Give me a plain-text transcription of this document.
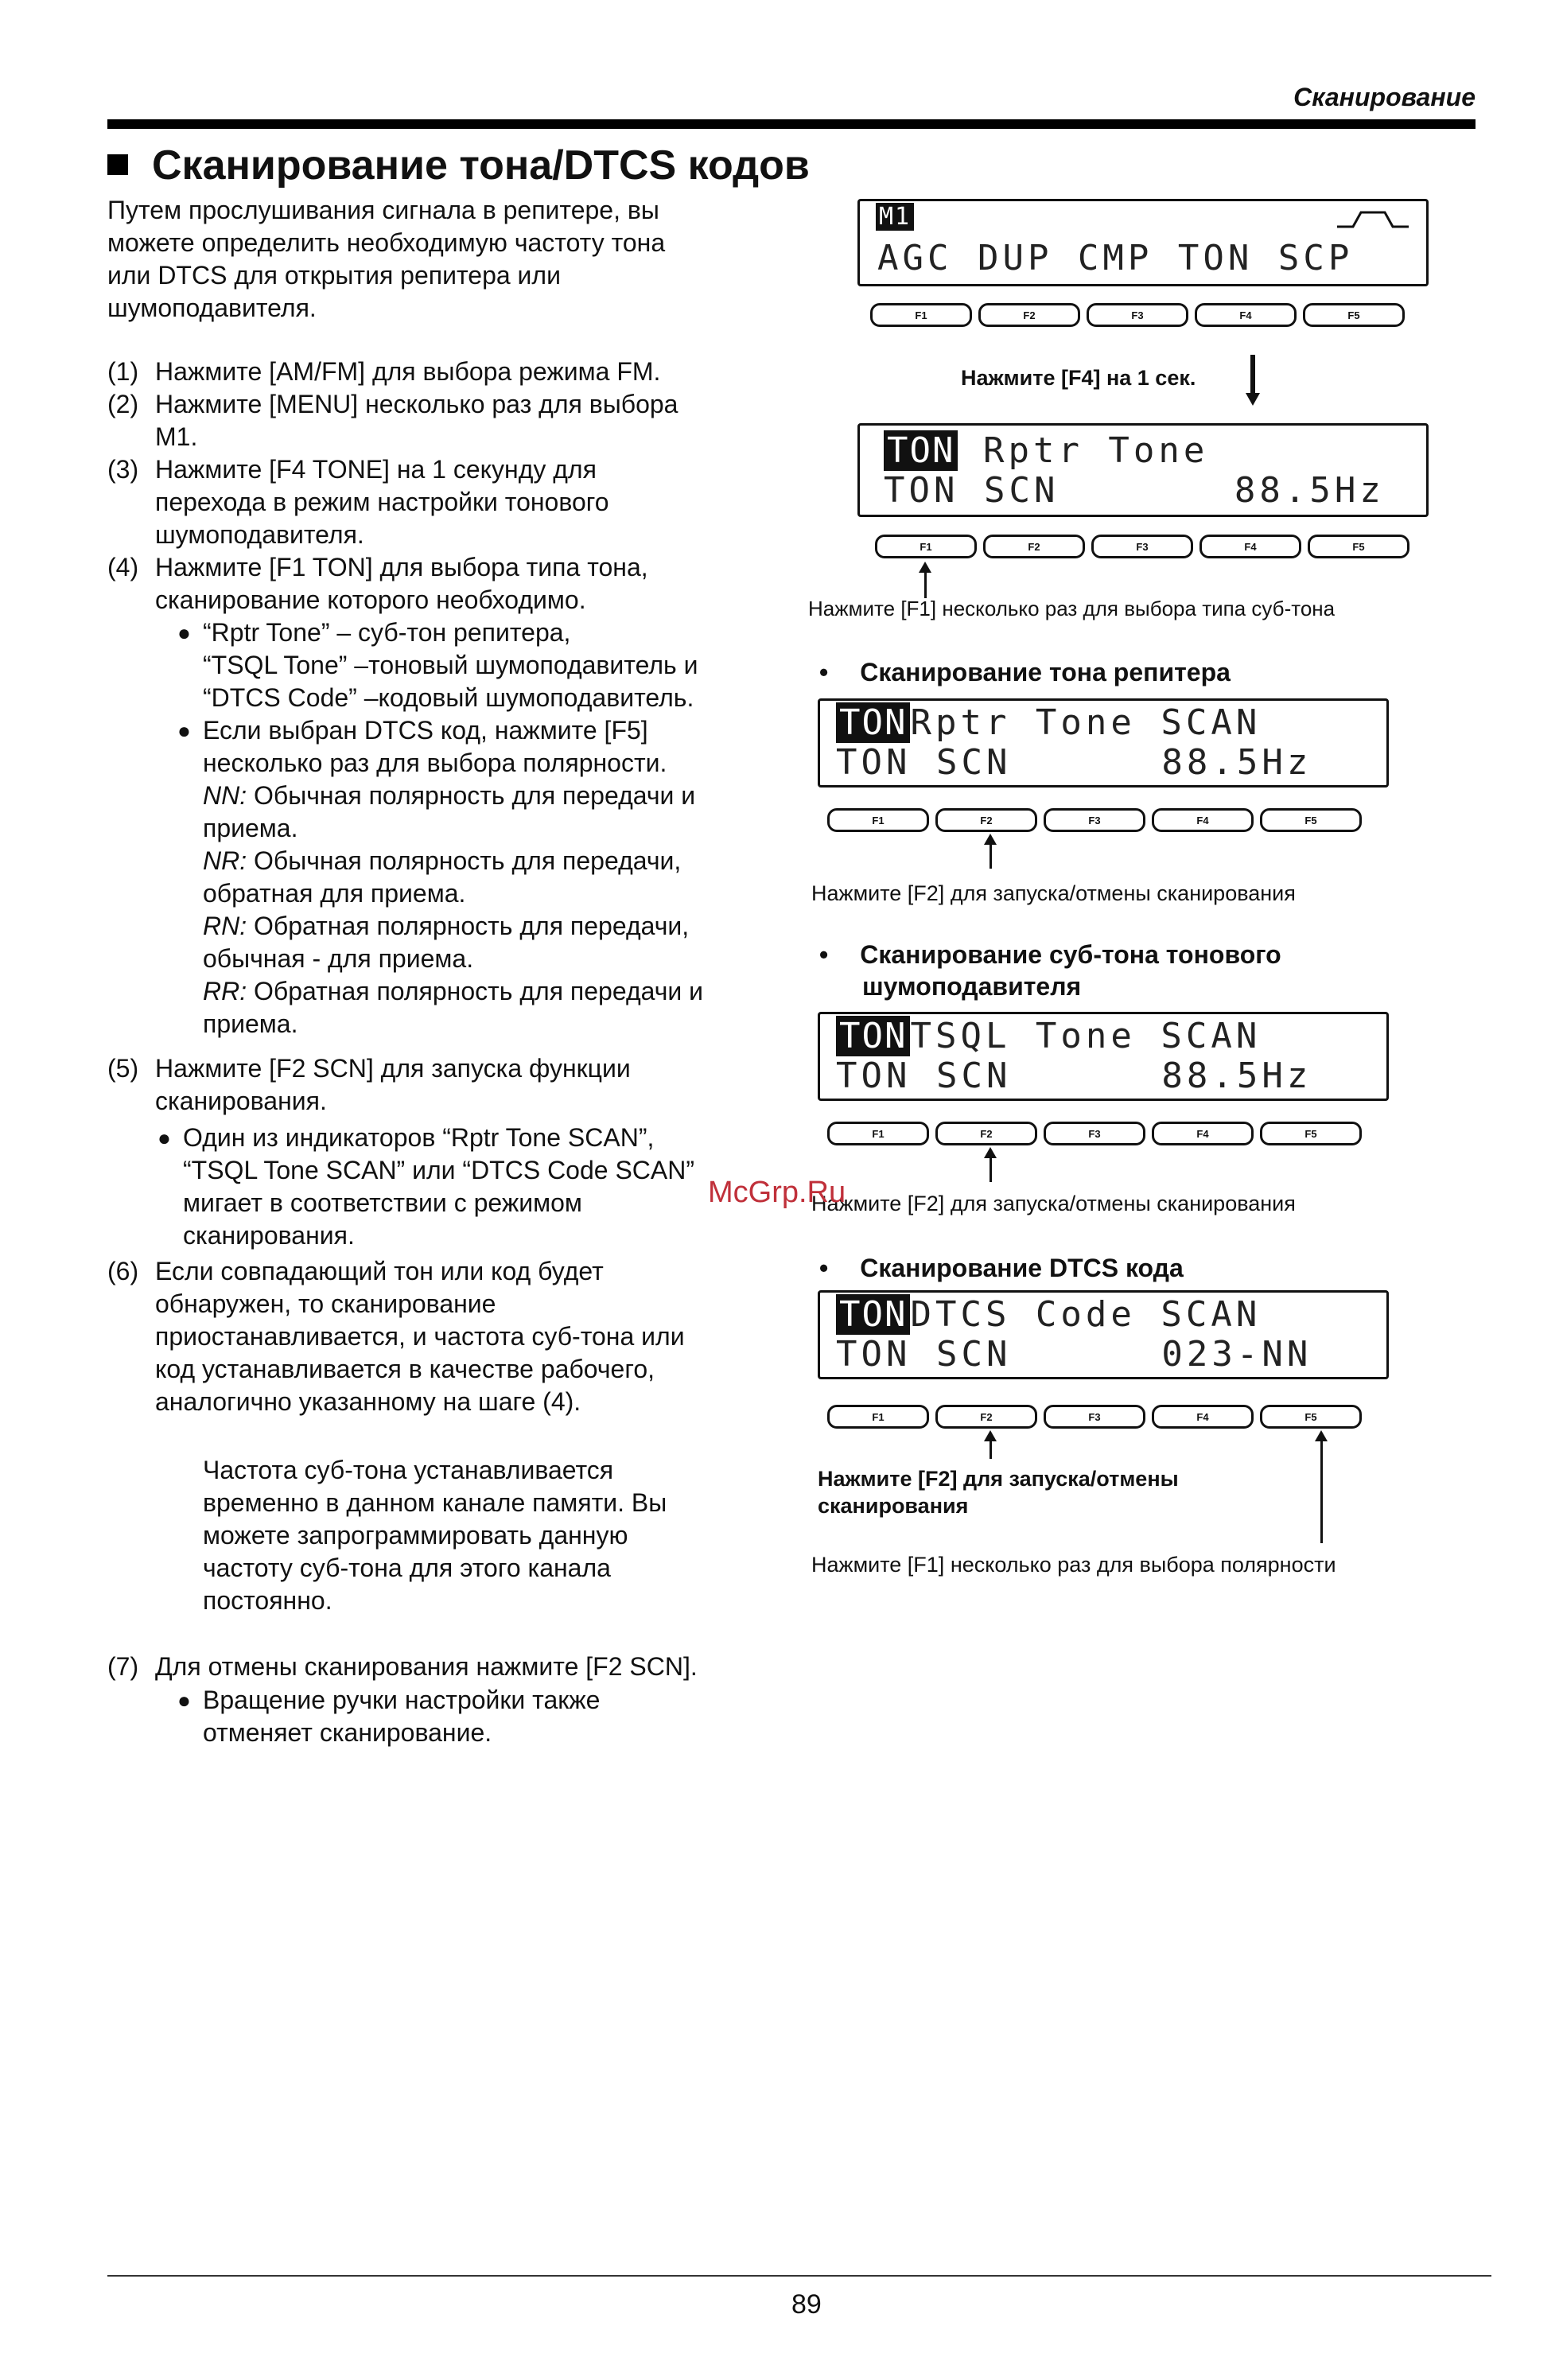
Сканирование
Сканирование тона/DTCS кодов

Путем прослушивания сигнала в репитере, вы

можете определить необходимую частоту тона

или DTCS для открытия репитера или

шумоподавителя.

(1) Нажмите [AM/FM] для выбора режима FM.

(2) Нажмите [MENU] несколько раз для выбора

M1.

(3) Нажмите [F4 TONE] на 1 секунду для

перехода в режим настройки тонового

шумоподавителя.

(4) Нажмите [F1 TON] для выбора типа тона,

сканирование которого необходимо.

● “Rptr Tone” – суб-тон репитера,

“TSQL Tone” –тоновый шумоподавитель и

“DTCS Code” –кодовый шумоподавитель.

● Если выбран DTCS код, нажмите [F5]

несколько раз для выбора полярности.

NN: Обычная полярность для передачи и

приема.

NR: Обычная полярность для передачи,

обратная для приема.

RN: Обратная полярность для передачи,

обычная - для приема.

RR: Обратная полярность для передачи и

приема.

(5) Нажмите [F2 SCN] для запуска функции

сканирования.

● Один из индикаторов “Rptr Tone SCAN”,

“TSQL Tone SCAN” или “DTCS Code SCAN”

мигает в соответствии с режимом

сканирования.

(6) Если совпадающий тон или код будет

обнаружен, то сканирование

приостанавливается, и частота суб-тона или

код устанавливается в качестве рабочего,

аналогично указанному на шаге (4).

Частота суб-тона устанавливается

временно в данном канале памяти. Вы

можете запрограммировать данную

частоту суб-тона для этого канала

постоянно.

(7) Для отмены сканирования нажмите [F2 SCN].

● Вращение ручки настройки также

отменяет сканирование.

M1
AGC DUP CMP TON SCP
F1	F2	F3	F4	F5
Нажмите [F4] на 1 сек.
TON Rptr Tone
TON SCN       88.5Hz
F1	F2	F3	F4	F5
Нажмите [F1] несколько раз для выбора типа суб-тона
• Сканирование тона репитера
TONRptr Tone SCAN
TON SCN      88.5Hz
F1	F2	F3	F4	F5
Нажмите [F2] для запуска/отмены сканирования
• Сканирование суб-тона тонового
шумоподавителя
TONTSQL Tone SCAN
TON SCN      88.5Hz
F1	F2	F3	F4	F5
Нажмите [F2] для запуска/отмены сканирования
McGrp.Ru
• Сканирование DTCS кода
TONDTCS Code SCAN
TON SCN      023-NN
F1	F2	F3	F4	F5
Нажмите [F2] для запуска/отмены
сканирования
Нажмите [F1] несколько раз для выбора полярности
89
